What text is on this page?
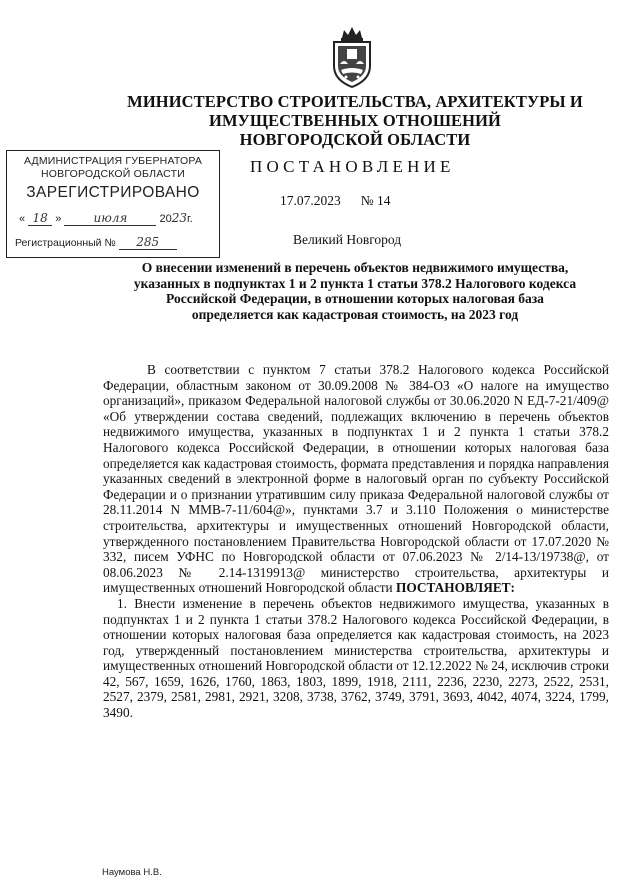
МИНИСТЕРСТВО СТРОИТЕЛЬСТВА, АРХИТЕКТУРЫ И
ИМУЩЕСТВЕННЫХ ОТНОШЕНИЙ
НОВГОРОДСКОЙ ОБЛАСТИ
АДМИНИСТРАЦИЯ ГУБЕРНАТОРА
НОВГОРОДСКОЙ ОБЛАСТИ
ЗАРЕГИСТРИРОВАНО
« 18 »	июля	2023г.
Регистрационный № 285
ПОСТАНОВЛЕНИЕ
17.07.2023 № 14
Великий Новгород
О внесении изменений в перечень объектов недвижимого имущества,
указанных в подпунктах 1 и 2 пункта 1 статьи 378.2 Налогового кодекса
Российской Федерации, в отношении которых налоговая база
определяется как кадастровая стоимость, на 2023 год

В соответствии с пунктом 7 статьи 378.2 Налогового кодекса Российской Федерации, областным законом от 30.09.2008 № 384-ОЗ «О налоге на имущество организаций», приказом Федеральной налоговой службы от 30.06.2020 N ЕД-7-21/409@ «Об утверждении состава сведений, подлежащих включению в перечень объектов недвижимого имущества, указанных в подпунктах 1 и 2 пункта 1 статьи 378.2 Налогового кодекса Российской Федерации, в отношении которых налоговая база определяется как кадастровая стоимость, формата представления и порядка направления указанных сведений в электронной форме в налоговый орган по субъекту Российской Федерации и о признании утратившим силу приказа Федеральной налоговой службы от 28.11.2014 N ММВ-7-11/604@», пунктами 3.7 и 3.110 Положения о министерстве строительства, архитектуры и имущественных отношений Новгородской области, утвержденного постановлением Правительства Новгородской области от 17.07.2020 № 332, писем УФНС по Новгородской области от 07.06.2023 № 2/14-13/19738@, от 08.06.2023 № 2.14-1319913@ министерство строительства, архитектуры и имущественных отношений Новгородской области ПОСТАНОВЛЯЕТ:

1. Внести изменение в перечень объектов недвижимого имущества, указанных в подпунктах 1 и 2 пункта 1 статьи 378.2 Налогового кодекса Российской Федерации, в отношении которых налоговая база определяется как кадастровая стоимость, на 2023 год, утвержденный постановлением министерства строительства, архитектуры и имущественных отношений Новгородской области от 12.12.2022 № 24, исключив строки 42, 567, 1659, 1626, 1760, 1863, 1803, 1899, 1918, 2111, 2236, 2230, 2273, 2522, 2531, 2527, 2379, 2581, 2981, 2921, 3208, 3738, 3762, 3749, 3791, 3693, 4042, 4074, 3224, 1799, 3490.

Наумова Н.В.
